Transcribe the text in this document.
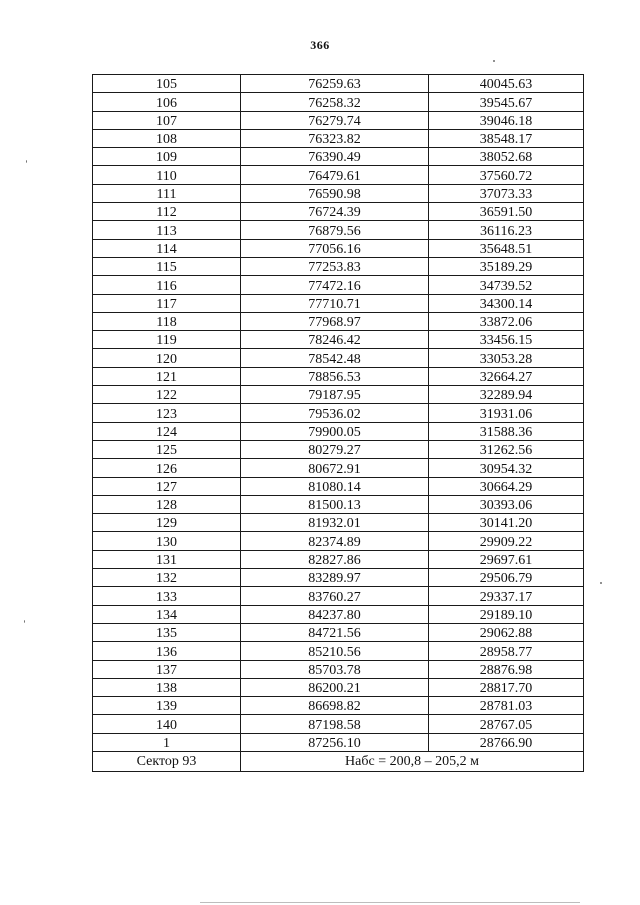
366
105	76259.63	40045.63
106	76258.32	39545.67
107	76279.74	39046.18
108	76323.82	38548.17
109	76390.49	38052.68
110	76479.61	37560.72
111	76590.98	37073.33
112	76724.39	36591.50
113	76879.56	36116.23
114	77056.16	35648.51
115	77253.83	35189.29
116	77472.16	34739.52
117	77710.71	34300.14
118	77968.97	33872.06
119	78246.42	33456.15
120	78542.48	33053.28
121	78856.53	32664.27
122	79187.95	32289.94
123	79536.02	31931.06
124	79900.05	31588.36
125	80279.27	31262.56
126	80672.91	30954.32
127	81080.14	30664.29
128	81500.13	30393.06
129	81932.01	30141.20
130	82374.89	29909.22
131	82827.86	29697.61
132	83289.97	29506.79
133	83760.27	29337.17
134	84237.80	29189.10
135	84721.56	29062.88
136	85210.56	28958.77
137	85703.78	28876.98
138	86200.21	28817.70
139	86698.82	28781.03
140	87198.58	28767.05
1	87256.10	28766.90
Сектор 93	Набс = 200,8 – 205,2 м	
